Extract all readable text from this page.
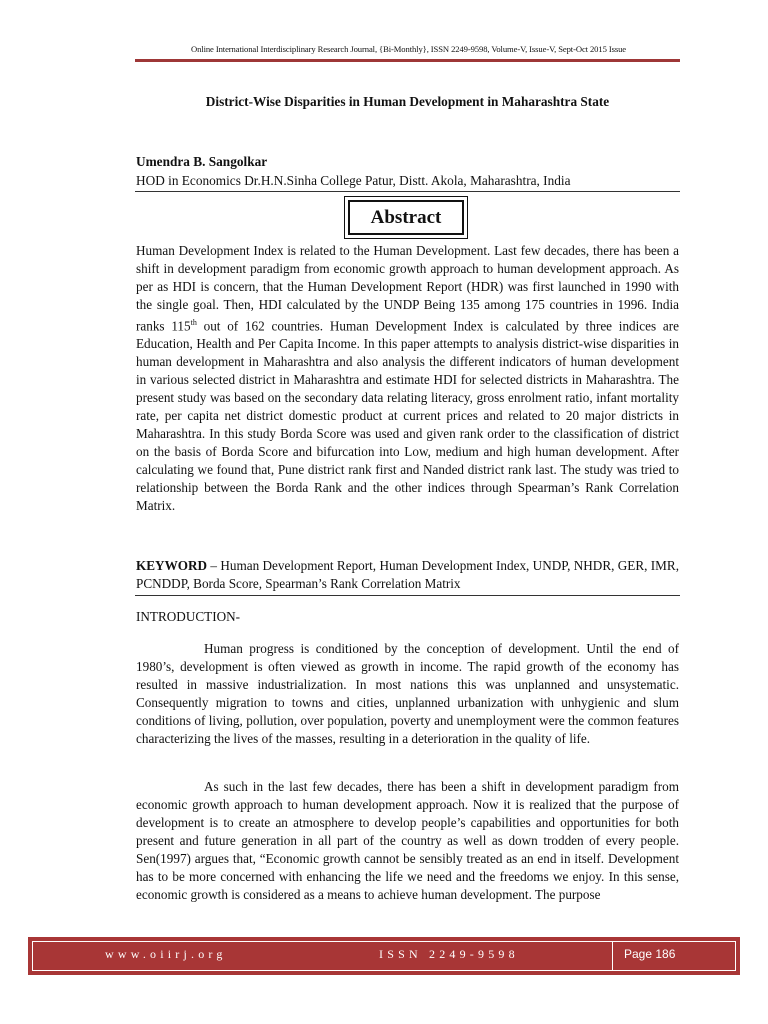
Online International Interdisciplinary Research Journal, {Bi-Monthly}, ISSN 2249-9598, Volume-V, Issue-V, Sept-Oct 2015 Issue
District-Wise Disparities in Human Development in Maharashtra State
Umendra B. Sangolkar
HOD in Economics Dr.H.N.Sinha College Patur, Distt. Akola, Maharashtra, India
Abstract
Human Development Index is related to the Human Development. Last few decades, there has been a shift in development paradigm from economic growth approach to human development approach. As per as HDI is concern, that the Human Development Report (HDR) was first launched in 1990 with the single goal. Then, HDI calculated by the UNDP Being 135 among 175 countries in 1996. India ranks 115th out of 162 countries. Human Development Index is calculated by three indices are Education, Health and Per Capita Income. In this paper attempts to analysis district-wise disparities in human development in Maharashtra and also analysis the different indicators of human development in various selected district in Maharashtra and estimate HDI for selected districts in Maharashtra. The present study was based on the secondary data relating literacy, gross enrolment ratio, infant mortality rate, per capita net district domestic product at current prices and related to 20 major districts in Maharashtra. In this study Borda Score was used and given rank order to the classification of district on the basis of Borda Score and bifurcation into Low, medium and high human development. After calculating we found that, Pune district rank first and Nanded district rank last. The study was tried to relationship between the Borda Rank and the other indices through Spearman’s Rank Correlation Matrix.
KEYWORD – Human Development Report, Human Development Index, UNDP, NHDR, GER, IMR, PCNDDP, Borda Score, Spearman’s Rank Correlation Matrix
INTRODUCTION-
Human progress is conditioned by the conception of development. Until the end of 1980’s, development is often viewed as growth in income. The rapid growth of the economy has resulted in massive industrialization. In most nations this was unplanned and unsystematic. Consequently migration to towns and cities, unplanned urbanization with unhygienic and slum conditions of living, pollution, over population, poverty and unemployment were the common features characterizing the lives of the masses, resulting in a deterioration in the quality of life.
As such in the last few decades, there has been a shift in development paradigm from economic growth approach to human development approach. Now it is realized that the purpose of development is to create an atmosphere to develop people’s capabilities and opportunities for both present and future generation in all part of the country as well as down trodden of every people. Sen(1997) argues that, “Economic growth cannot be sensibly treated as an end in itself. Development has to be more concerned with enhancing the life we need and the freedoms we enjoy. In this sense, economic growth is considered as a means to achieve human development. The purpose
www.oiirj.org	ISSN 2249-9598	Page 186
